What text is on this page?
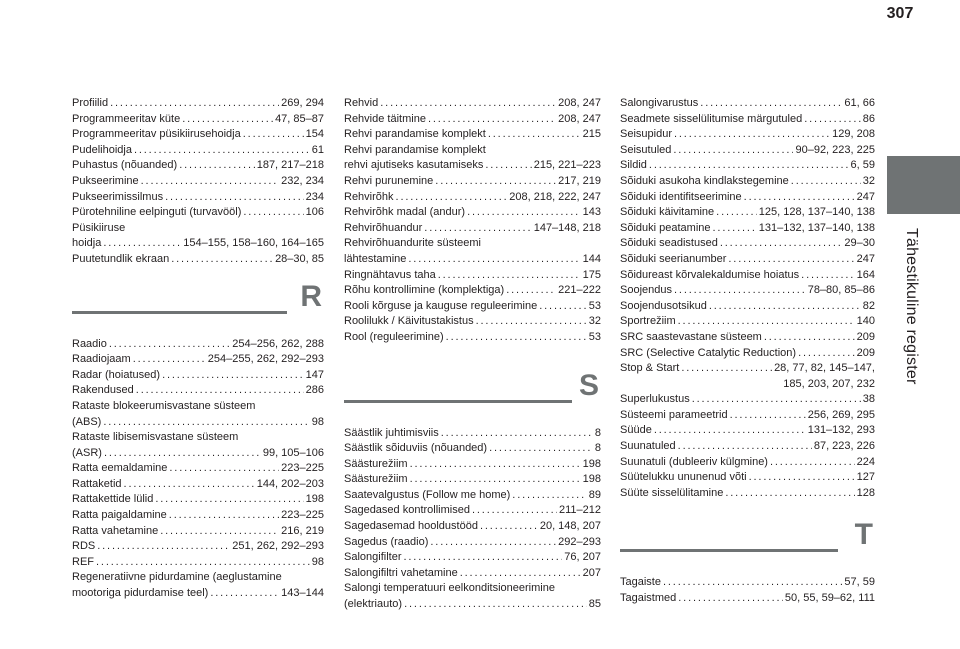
307
Tähestikuline register
Profiilid . . .	269, 294
Programmeeritav küte . . .	47, 85–87
Programmeeritav püsikiirusehoidja . . .	154
Pudelihoidja . . .	61
Puhastus (nõuanded) . . .	187, 217–218
Pukseerimine . . .	232, 234
Pukseerimissilmus . . .	234
Pürotehniline eelpinguti (turvavööl) . . .	106
Püsikiiruse
hoidja . . .	154–155, 158–160, 164–165
Puutetundlik ekraan . . .	28–30, 85
R
Raadio . . .	254–256, 262, 288
Raadiojaam . . .	254–255, 262, 292–293
Radar (hoiatused) . . .	147
Rakendused . . .	286
Rataste blokeerumisvastane süsteem
(ABS) . . .	98
Rataste libisemisvastane süsteem
(ASR) . . .	99, 105–106
Ratta eemaldamine . . .	223–225
Rattaketid . . .	144, 202–203
Rattakettide lülid . . .	198
Ratta paigaldamine . . .	223–225
Ratta vahetamine . . .	216, 219
RDS . . .	251, 262, 292–293
REF . . .	98
Regeneratiivne pidurdamine (aeglustamine
mootoriga pidurdamise teel) . . .	143–144
Rehvid . . .	208, 247
Rehvide täitmine . . .	208, 247
Rehvi parandamise komplekt . . .	215
Rehvi parandamise komplekt
rehvi ajutiseks kasutamiseks . . .	215, 221–223
Rehvi purunemine . . .	217, 219
Rehvirõhk . . .	208, 218, 222, 247
Rehvirõhk madal (andur) . . .	143
Rehvirõhuandur . . .	147–148, 218
Rehvirõhuandurite süsteemi
lähtestamine . . .	144
Ringnähtavus taha . . .	175
Rõhu kontrollimine (komplektiga) . . .	221–222
Rooli kõrguse ja kauguse reguleerimine . . .	53
Roolilukk / Käivitustakistus . . .	32
Rool (reguleerimine) . . .	53
S
Säästlik juhtimisviis . . .	8
Säästlik sõiduviis (nõuanded) . . .	8
Säästurežiim . . .	198
Säästurežiim . . .	198
Saatevalgustus (Follow me home) . . .	89
Sagedased kontrollimised . . .	211–212
Sagedasemad hooldustööd . . .	20, 148, 207
Sagedus (raadio) . . .	292–293
Salongifilter . . .	76, 207
Salongifiltri vahetamine . . .	207
Salongi temperatuuri eelkonditsioneerimine
(elektriauto) . . .	85
Salongivarustus . . .	61, 66
Seadmete sisselülitumise märgutuled . . .	86
Seisupidur . . .	129, 208
Seisutuled . . .	90–92, 223, 225
Sildid . . .	6, 59
Sõiduki asukoha kindlakstegemine . . .	32
Sõiduki identifitseerimine . . .	247
Sõiduki käivitamine . . .	125, 128, 137–140, 138
Sõiduki peatamine . . .	131–132, 137–140, 138
Sõiduki seadistused . . .	29–30
Sõiduki seerianumber . . .	247
Sõidureast kõrvalekaldumise hoiatus . . .	164
Soojendus . . .	78–80, 85–86
Soojendusotsikud . . .	82
Sportrežiim . . .	140
SRC saastevastane süsteem . . .	209
SRC (Selective Catalytic Reduction) . . .	209
Stop & Start . . .	28, 77, 82, 145–147,
185, 203, 207, 232
Superlukustus . . .	38
Süsteemi parameetrid . . .	256, 269, 295
Süüde . . .	131–132, 293
Suunatuled . . .	87, 223, 226
Suunatuli (dubleeriv külgmine) . . .	224
Süütelukku ununenud võti . . .	127
Süüte sisselülitamine . . .	128
T
Tagaiste . . .	57, 59
Tagaistmed . . .	50, 55, 59–62, 111
